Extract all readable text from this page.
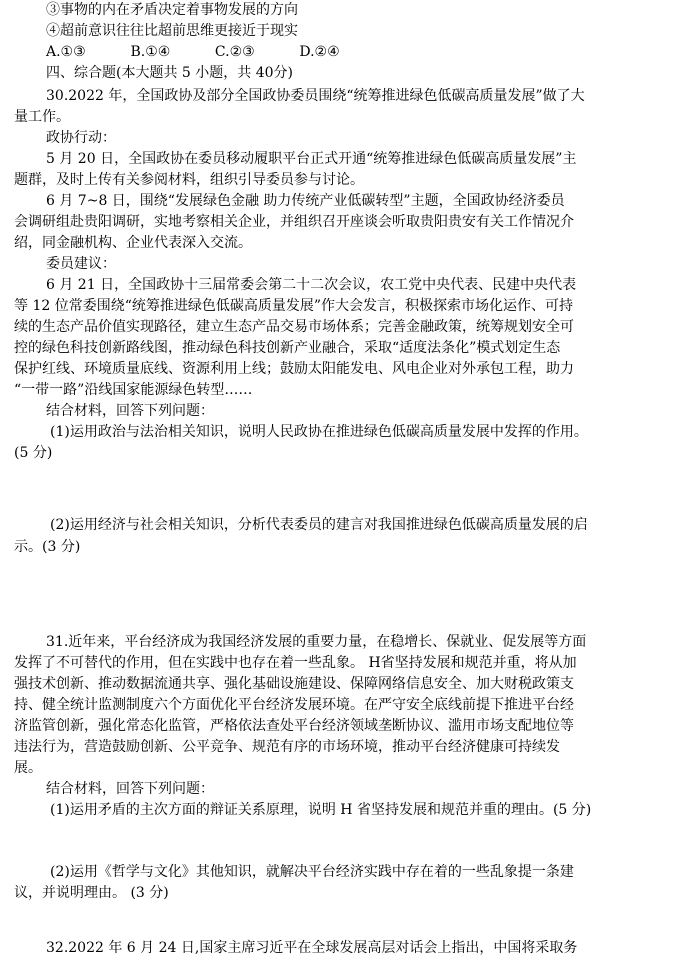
③事物的内在矛盾决定着事物发展的方向
④超前意识往往比超前思维更接近于现实
A.①③	B.①④	C.②③	D.②④
四、综合题(本大题共 5 小题，共 40分)
30.2022 年，全国政协及部分全国政协委员围绕“统筹推进绿色低碳高质量发展”做了大
量工作。
政协行动：
5 月 20 日，全国政协在委员移动履职平台正式开通“统筹推进绿色低碳高质量发展”主
题群，及时上传有关参阅材料，组织引导委员参与讨论。
6 月 7~8 日，围绕“发展绿色金融 助力传统产业低碳转型”主题，全国政协经济委员
会调研组赴贵阳调研，实地考察相关企业，并组织召开座谈会听取贵阳贵安有关工作情况介
绍，同金融机构、企业代表深入交流。
委员建议：
6 月 21 日，全国政协十三届常委会第二十二次会议，农工党中央代表、民建中央代表
等 12 位常委围绕“统筹推进绿色低碳高质量发展”作大会发言，积极探索市场化运作、可持
续的生态产品价值实现路径，建立生态产品交易市场体系；完善金融政策，统筹规划安全可
控的绿色科技创新路线图，推动绿色科技创新产业融合，采取“适度法条化”模式划定生态
保护红线、环境质量底线、资源利用上线；鼓励太阳能发电、风电企业对外承包工程，助力
“一带一路”沿线国家能源绿色转型……
结合材料，回答下列问题：
(1)运用政治与法治相关知识，说明人民政协在推进绿色低碳高质量发展中发挥的作用。
(5 分)
(2)运用经济与社会相关知识，分析代表委员的建言对我国推进绿色低碳高质量发展的启
示。(3 分)
31.近年来，平台经济成为我国经济发展的重要力量，在稳增长、保就业、促发展等方面
发挥了不可替代的作用，但在实践中也存在着一些乱象。 H省坚持发展和规范并重，将从加
强技术创新、推动数据流通共享、强化基础设施建设、保障网络信息安全、加大财税政策支
持、健全统计监测制度六个方面优化平台经济发展环境。在严守安全底线前提下推进平台经
济监管创新，强化常态化监管，严格依法查处平台经济领域垄断协议、滥用市场支配地位等
违法行为，营造鼓励创新、公平竞争、规范有序的市场环境，推动平台经济健康可持续发
展。
结合材料，回答下列问题：
(1)运用矛盾的主次方面的辩证关系原理，说明 H 省坚持发展和规范并重的理由。(5 分)
(2)运用《哲学与文化》其他知识，就解决平台经济实践中存在着的一些乱象提一条建
议，并说明理由。 (3 分)
32.2022 年 6 月 24 日,国家主席习近平在全球发展高层对话会上指出，中国将采取务
